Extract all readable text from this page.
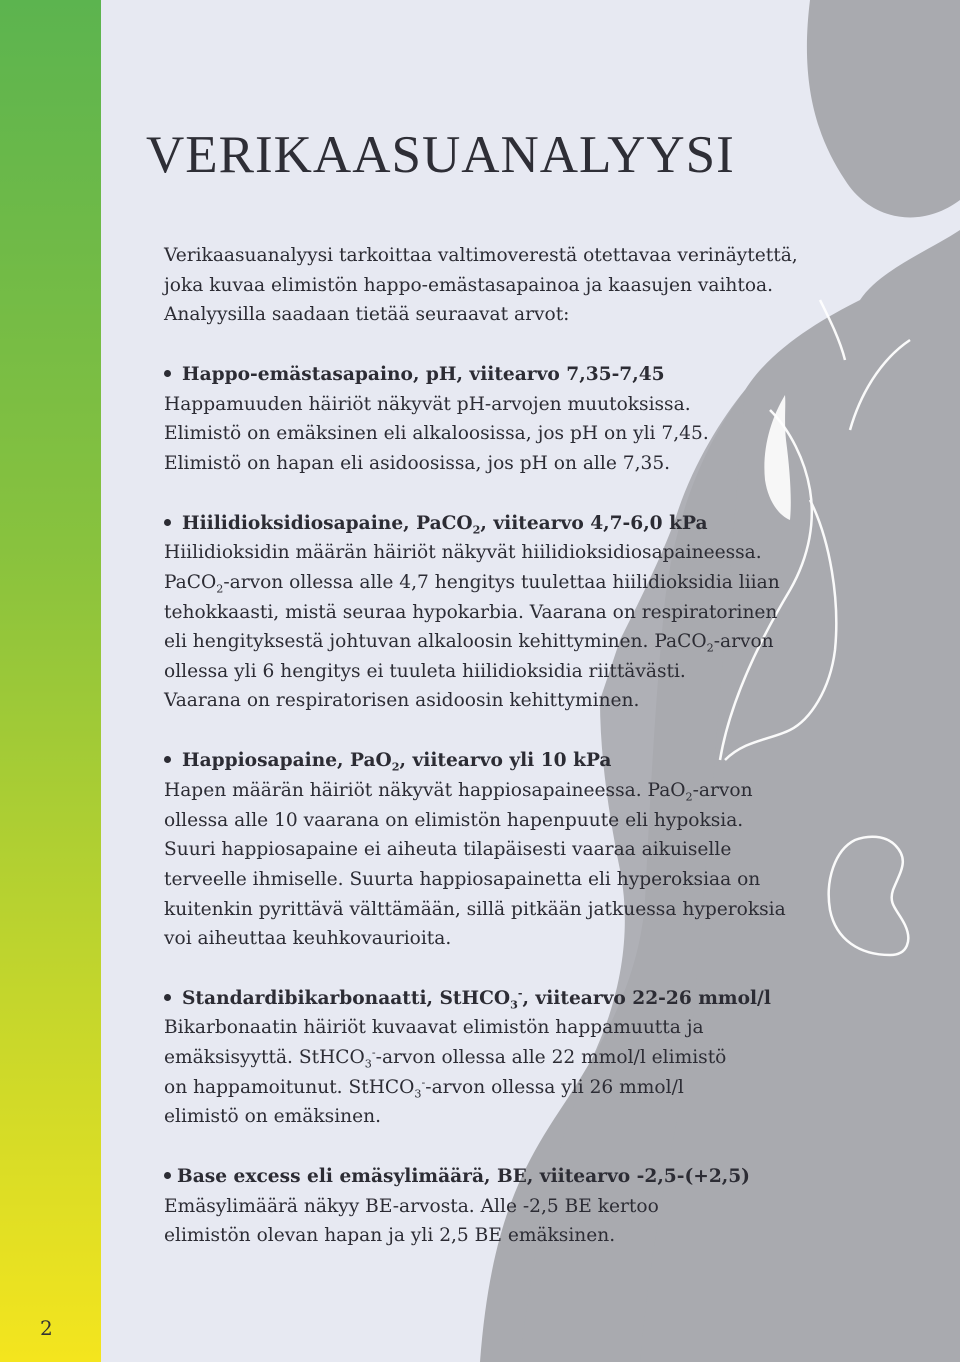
2
VERIKAASUANALYYSI
Verikaasuanalyysi tarkoittaa valtimoverestä otettavaa verinäytettä,
joka kuvaa elimistön happo-emästasapainoa ja kaasujen vaihtoa.
Analyysilla saadaan tietää seuraavat arvot:
Happo-emästasapaino, pH, viitearvo 7,35-7,45
Happamuuden häiriöt näkyvät pH-arvojen muutoksissa.
Elimistö on emäksinen eli alkaloosissa, jos pH on yli 7,45.
Elimistö on hapan eli asidoosissa, jos pH on alle 7,35.
Hiilidioksidiosapaine, PaCO$_2$, viitearvo 4,7-6,0 kPa
Hiilidioksidin määrän häiriöt näkyvät hiilidioksidiosapaineessa.
PaCO$_2$-arvon ollessa alle 4,7 hengitys tuulettaa hiilidioksidia liian
tehokkaasti, mistä seuraa hypokarbia. Vaarana on respiratorinen
eli hengityksestä johtuvan alkaloosin kehittyminen. PaCO$_2$-arvon
ollessa yli 6 hengitys ei tuuleta hiilidioksidia riittävästi.
Vaarana on respiratorisen asidoosin kehittyminen.
Happiosapaine, PaO$_2$, viitearvo yli 10 kPa
Hapen määrän häiriöt näkyvät happiosapaineessa. PaO$_2$-arvon
ollessa alle 10 vaarana on elimistön hapenpuute eli hypoksia.
Suuri happiosapaine ei aiheuta tilapäisesti vaaraa aikuiselle
terveelle ihmiselle. Suurta happiosapainetta eli hyperoksiaa on
kuitenkin pyrittävä välttämään, sillä pitkään jatkuessa hyperoksia
voi aiheuttaa keuhkovaurioita.
Standardibikarbonaatti, StHCO$_3$-, viitearvo 22-26 mmol/l
Bikarbonaatin häiriöt kuvaavat elimistön happamuutta ja
emäksisyyttä. StHCO$_3$--arvon ollessa alle 22 mmol/l elimistö
on happamoitunut. StHCO$_3$--arvon ollessa yli 26 mmol/l
elimistö on emäksinen.
Base excess eli emäsylimäärä, BE, viitearvo -2,5-(+2,5)
Emäsylimäärä näkyy BE-arvosta. Alle -2,5 BE kertoo
elimistön olevan hapan ja yli 2,5 BE emäksinen.
